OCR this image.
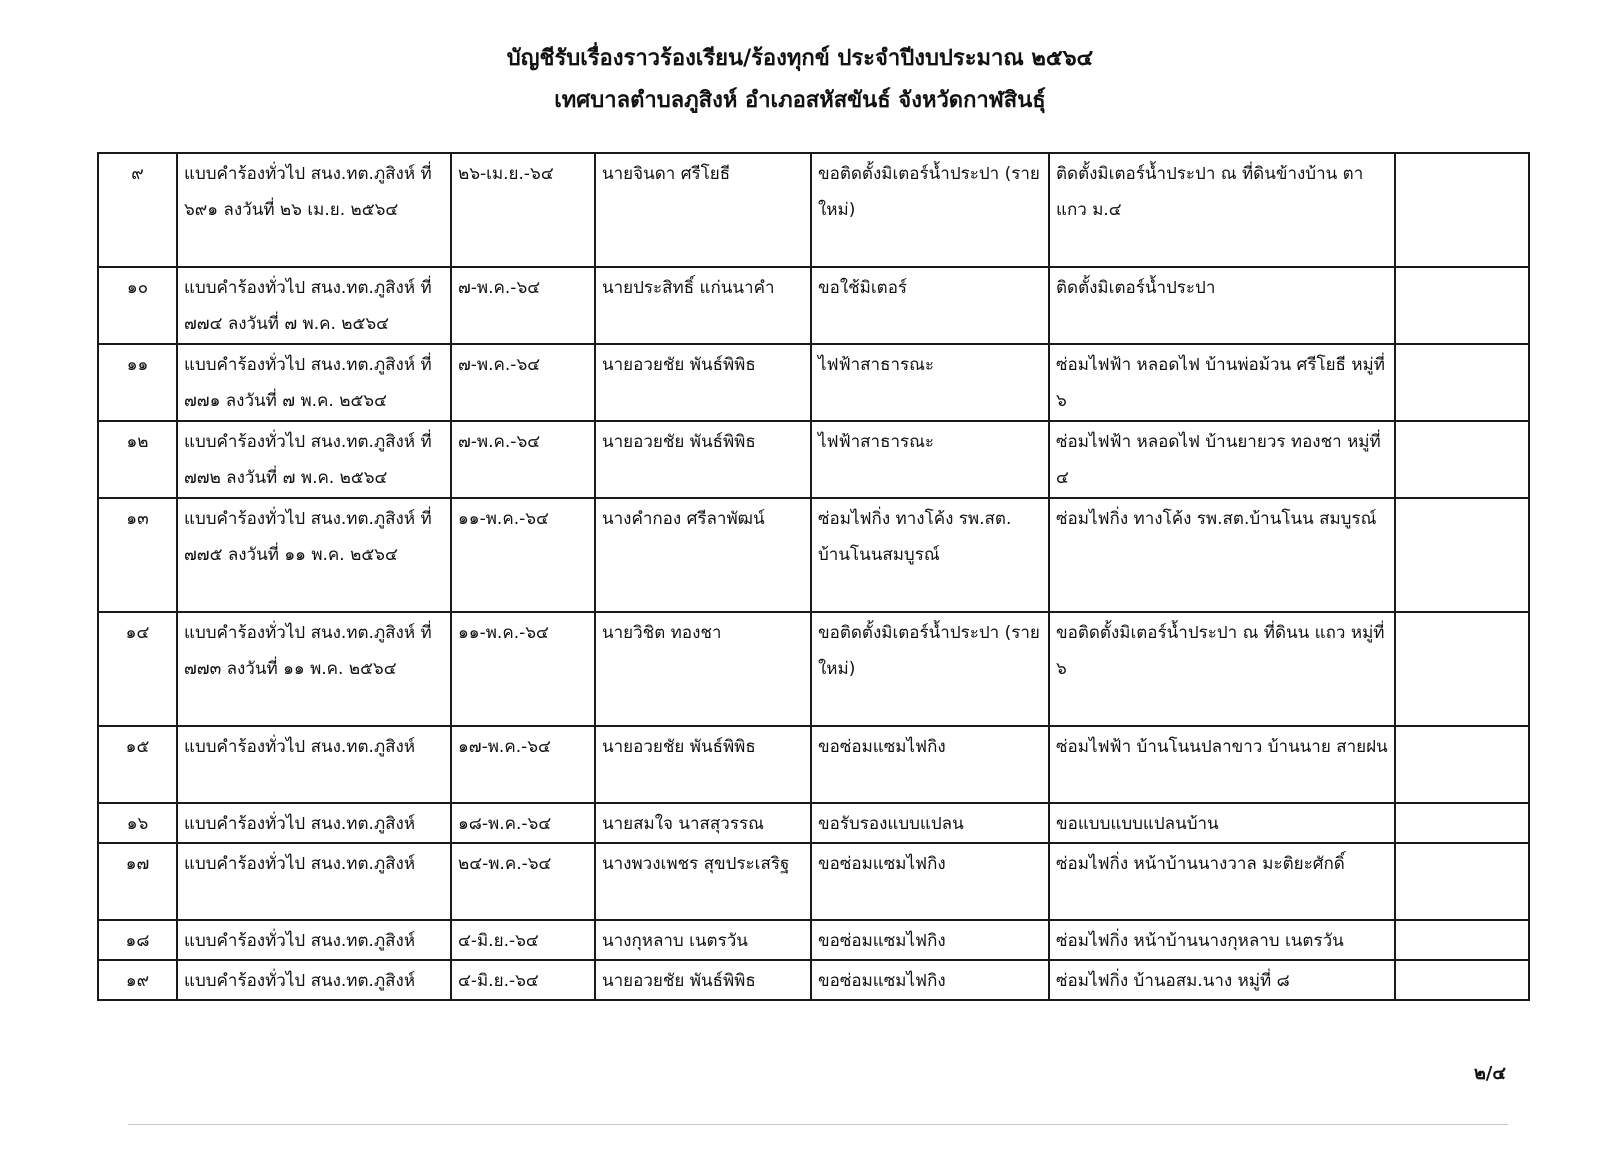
บัญชีรับเรื่องราวร้องเรียน/ร้องทุกข์ ประจำปีงบประมาณ ๒๕๖๔
เทศบาลตำบลภูสิงห์ อำเภอสหัสขันธ์ จังหวัดกาฬสินธุ์
๙	แบบคำร้องทั่วไป สนง.ทต.ภูสิงห์ ที่ ๖๙๑ ลงวันที่ ๒๖ เม.ย. ๒๕๖๔	๒๖-เม.ย.-๖๔	นายจินดา ศรีโยธี	ขอติดตั้งมิเตอร์น้ำประปา (รายใหม่)	ติดตั้งมิเตอร์น้ำประปา ณ ที่ดินข้างบ้าน ตาแกว ม.๔	
๑๐	แบบคำร้องทั่วไป สนง.ทต.ภูสิงห์ ที่ ๗๗๔ ลงวันที่ ๗ พ.ค. ๒๕๖๔	๗-พ.ค.-๖๔	นายประสิทธิ์ แก่นนาคำ	ขอใช้มิเตอร์	ติดตั้งมิเตอร์น้ำประปา	
๑๑	แบบคำร้องทั่วไป สนง.ทต.ภูสิงห์ ที่ ๗๗๑ ลงวันที่ ๗ พ.ค. ๒๕๖๔	๗-พ.ค.-๖๔	นายอวยชัย พันธ์พิพิธ	ไฟฟ้าสาธารณะ	ซ่อมไฟฟ้า หลอดไฟ บ้านพ่อม้วน ศรีโยธี หมู่ที่ ๖	
๑๒	แบบคำร้องทั่วไป สนง.ทต.ภูสิงห์ ที่ ๗๗๒ ลงวันที่ ๗ พ.ค. ๒๕๖๔	๗-พ.ค.-๖๔	นายอวยชัย พันธ์พิพิธ	ไฟฟ้าสาธารณะ	ซ่อมไฟฟ้า หลอดไฟ บ้านยายวร ทองชา หมู่ที่ ๔	
๑๓	แบบคำร้องทั่วไป สนง.ทต.ภูสิงห์ ที่ ๗๗๕ ลงวันที่ ๑๑ พ.ค. ๒๕๖๔	๑๑-พ.ค.-๖๔	นางคำกอง ศรีลาพัฒน์	ซ่อมไฟกิ่ง ทางโค้ง รพ.สต. บ้านโนนสมบูรณ์	ซ่อมไฟกิ่ง ทางโค้ง รพ.สต.บ้านโนน สมบูรณ์	
๑๔	แบบคำร้องทั่วไป สนง.ทต.ภูสิงห์ ที่ ๗๗๓ ลงวันที่ ๑๑ พ.ค. ๒๕๖๔	๑๑-พ.ค.-๖๔	นายวิชิต ทองชา	ขอติดตั้งมิเตอร์น้ำประปา (รายใหม่)	ขอติดตั้งมิเตอร์น้ำประปา ณ ที่ดินน แถว หมู่ที่ ๖	
๑๕	แบบคำร้องทั่วไป สนง.ทต.ภูสิงห์	๑๗-พ.ค.-๖๔	นายอวยชัย พันธ์พิพิธ	ขอซ่อมแซมไฟกิง	ซ่อมไฟฟ้า บ้านโนนปลาขาว บ้านนาย สายฝน	
๑๖	แบบคำร้องทั่วไป สนง.ทต.ภูสิงห์	๑๘-พ.ค.-๖๔	นายสมใจ นาสสุวรรณ	ขอรับรองแบบแปลน	ขอแบบแบบแปลนบ้าน	
๑๗	แบบคำร้องทั่วไป สนง.ทต.ภูสิงห์	๒๔-พ.ค.-๖๔	นางพวงเพชร สุขประเสริฐ	ขอซ่อมแซมไฟกิง	ซ่อมไฟกิ่ง หน้าบ้านนางวาล มะติยะศักดิ์	
๑๘	แบบคำร้องทั่วไป สนง.ทต.ภูสิงห์	๔-มิ.ย.-๖๔	นางกุหลาบ เนตรวัน	ขอซ่อมแซมไฟกิง	ซ่อมไฟกิ่ง หน้าบ้านนางกุหลาบ เนตรวัน	
๑๙	แบบคำร้องทั่วไป สนง.ทต.ภูสิงห์	๔-มิ.ย.-๖๔	นายอวยชัย พันธ์พิพิธ	ขอซ่อมแซมไฟกิง	ซ่อมไฟกิ่ง บ้านอสม.นาง หมู่ที่ ๘	
๒/๔
